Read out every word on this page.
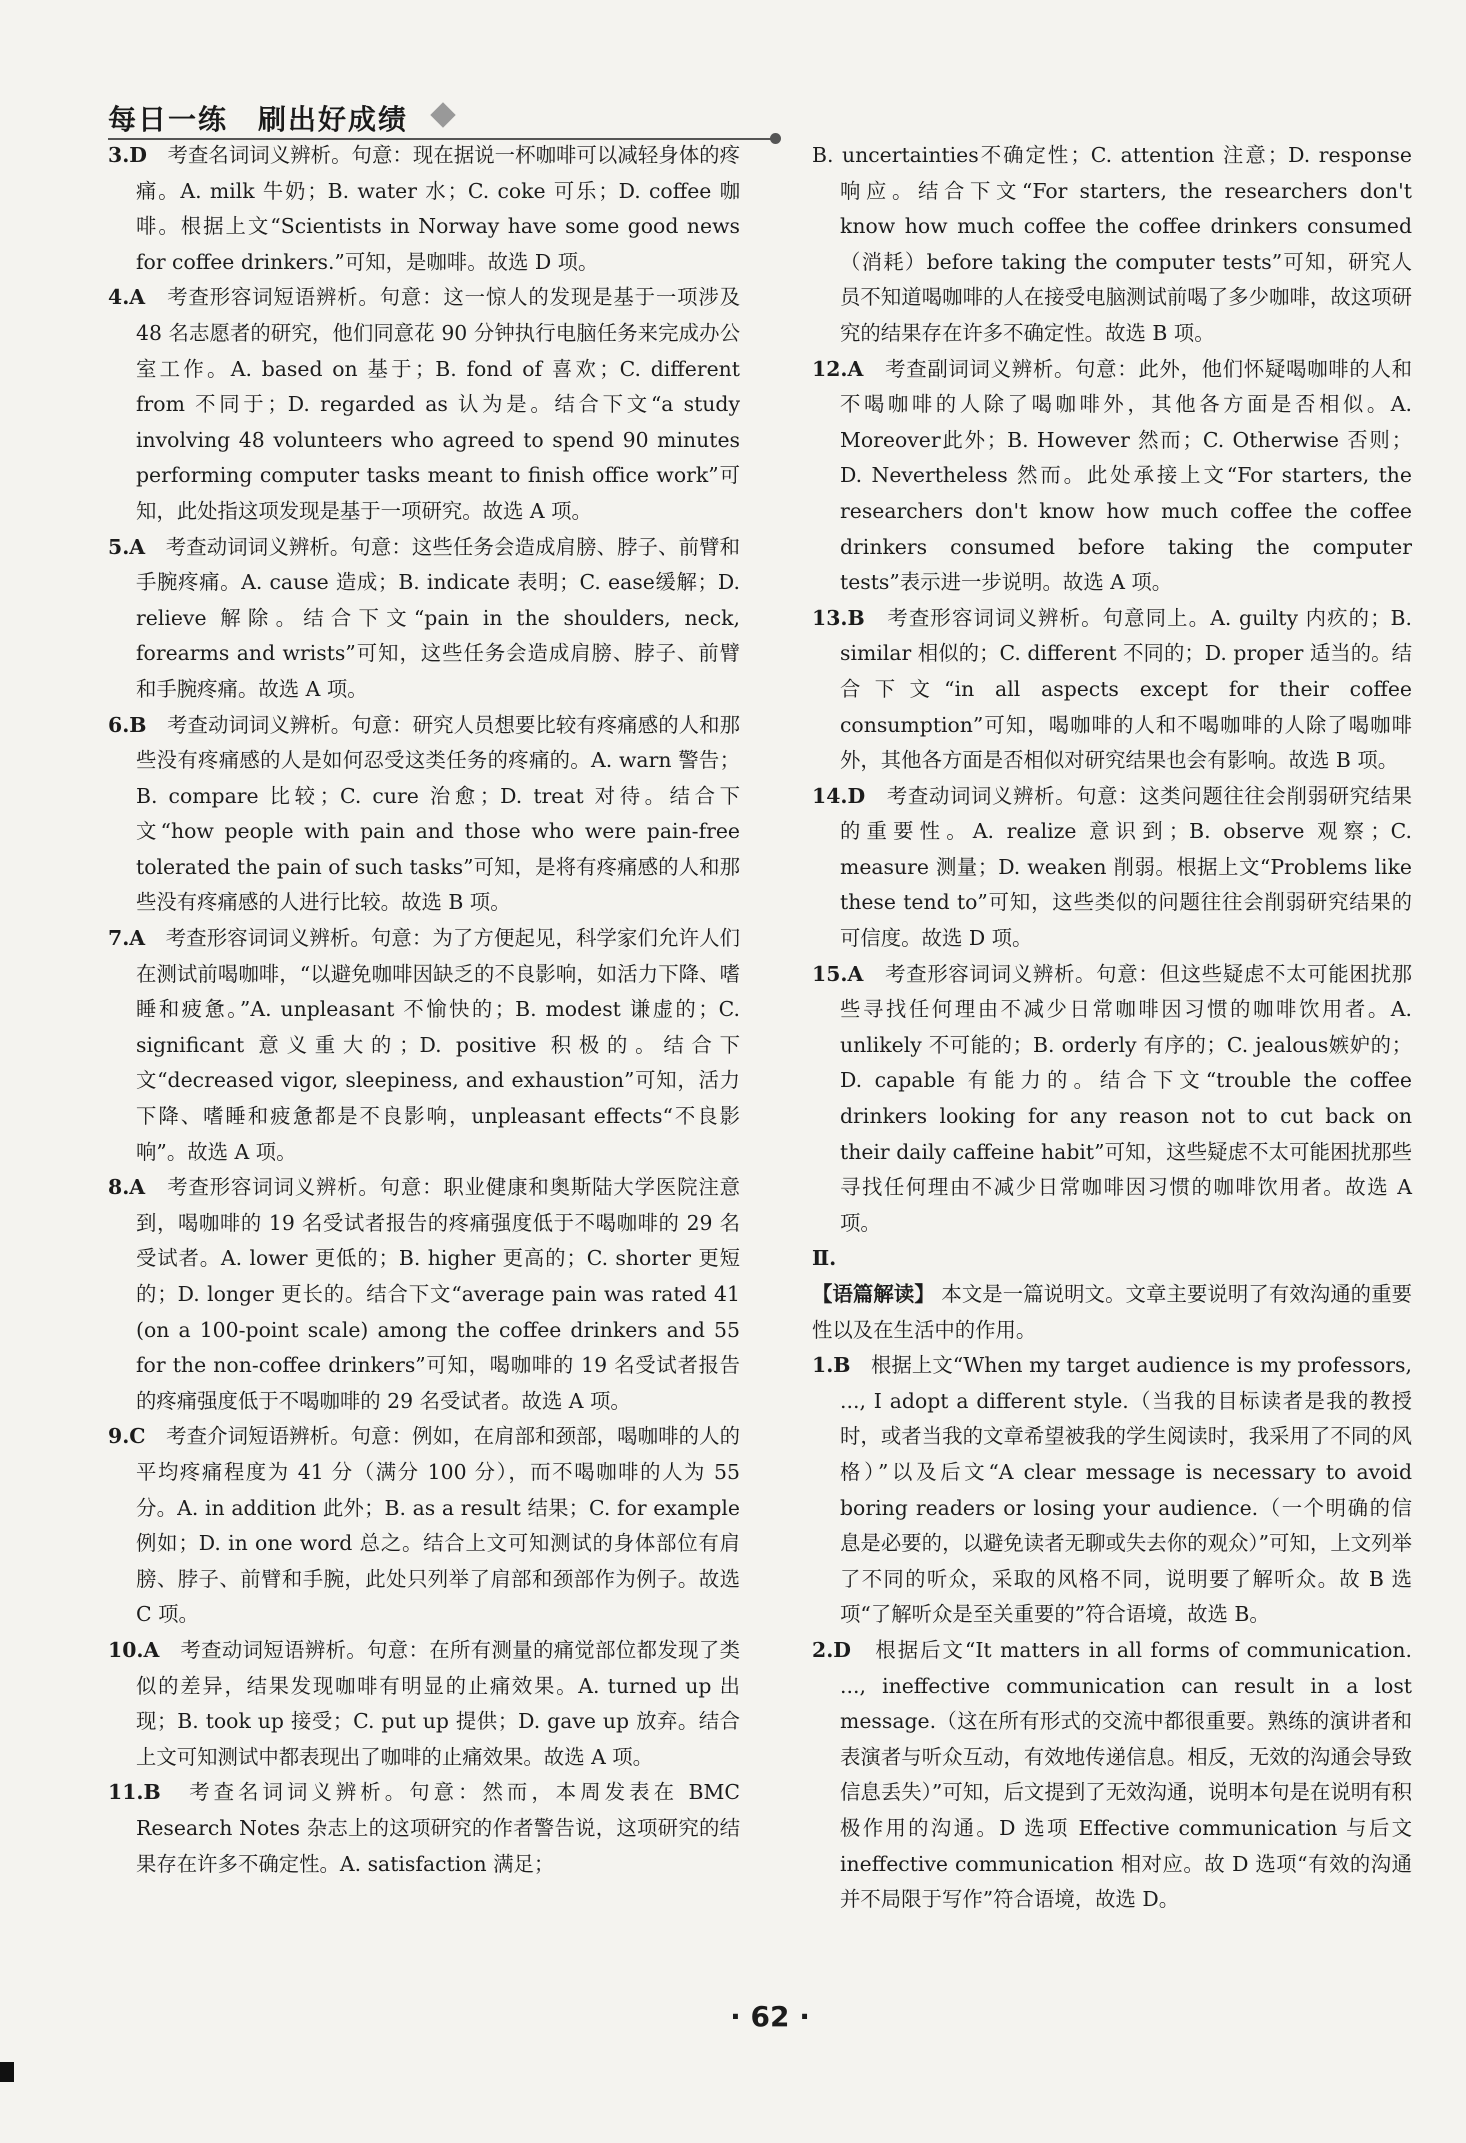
每日一练　刷出好成绩

3.D　 考查名词词义辨析。句意：现在据说一杯咖啡可以减轻身体的疼痛。A. milk 牛奶；B. water 水；C. coke 可乐；D. coffee 咖啡。根据上文“Scientists in Norway have some good news for coffee drinkers.”可知，是咖啡。故选 D 项。

4.A　 考查形容词短语辨析。句意：这一惊人的发现是基于一项涉及 48 名志愿者的研究，他们同意花 90 分钟执行电脑任务来完成办公室工作。A. based on 基于；B. fond of 喜欢；C. different from 不同于；D. regarded as 认为是。结合下文“a study involving 48 volunteers who agreed to spend 90 minutes performing computer tasks meant to finish office work”可知，此处指这项发现是基于一项研究。故选 A 项。

5.A　 考查动词词义辨析。句意：这些任务会造成肩膀、脖子、前臂和手腕疼痛。A. cause 造成；B. indicate 表明；C. ease缓解；D. relieve 解除。结合下文“pain in the shoulders, neck, forearms and wrists”可知，这些任务会造成肩膀、脖子、前臂和手腕疼痛。故选 A 项。

6.B　 考查动词词义辨析。句意：研究人员想要比较有疼痛感的人和那些没有疼痛感的人是如何忍受这类任务的疼痛的。A. warn 警告；B. compare 比较；C. cure 治愈；D. treat 对待。结合下文“how people with pain and those who were pain-free tolerated the pain of such tasks”可知，是将有疼痛感的人和那些没有疼痛感的人进行比较。故选 B 项。

7.A　 考查形容词词义辨析。句意：为了方便起见，科学家们允许人们在测试前喝咖啡，“以避免咖啡因缺乏的不良影响，如活力下降、嗜睡和疲惫。”A. unpleasant 不愉快的；B. modest 谦虚的；C. significant 意义重大的；D. positive 积极的。结合下文“decreased vigor, sleepiness, and exhaustion”可知，活力下降、嗜睡和疲惫都是不良影响，unpleasant effects“不良影响”。故选 A 项。

8.A　 考查形容词词义辨析。句意：职业健康和奥斯陆大学医院注意到，喝咖啡的 19 名受试者报告的疼痛强度低于不喝咖啡的 29 名受试者。A. lower 更低的；B. higher 更高的；C. shorter 更短的；D. longer 更长的。结合下文“average pain was rated 41 (on a 100-point scale) among the coffee drinkers and 55 for the non-coffee drinkers”可知，喝咖啡的 19 名受试者报告的疼痛强度低于不喝咖啡的 29 名受试者。故选 A 项。

9.C　 考查介词短语辨析。句意：例如，在肩部和颈部，喝咖啡的人的平均疼痛程度为 41 分（满分 100 分），而不喝咖啡的人为 55 分。A. in addition 此外；B. as a result 结果；C. for example 例如；D. in one word 总之。结合上文可知测试的身体部位有肩膀、脖子、前臂和手腕，此处只列举了肩部和颈部作为例子。故选 C 项。

10.A　 考查动词短语辨析。句意：在所有测量的痛觉部位都发现了类似的差异，结果发现咖啡有明显的止痛效果。A. turned up 出现；B. took up 接受；C. put up 提供；D. gave up 放弃。结合上文可知测试中都表现出了咖啡的止痛效果。故选 A 项。

11.B　 考查名词词义辨析。句意：然而，本周发表在 BMC Research Notes 杂志上的这项研究的作者警告说，这项研究的结果存在许多不确定性。A. satisfaction 满足；

B. uncertainties不确定性；C. attention 注意；D. response 响应。结合下文“For starters, the researchers don't know how much coffee the coffee drinkers consumed（消耗）before taking the computer tests”可知，研究人员不知道喝咖啡的人在接受电脑测试前喝了多少咖啡，故这项研究的结果存在许多不确定性。故选 B 项。

12.A　 考查副词词义辨析。句意：此外，他们怀疑喝咖啡的人和不喝咖啡的人除了喝咖啡外，其他各方面是否相似。A. Moreover此外；B. However 然而；C. Otherwise 否则；D. Nevertheless 然而。此处承接上文“For starters, the researchers don't know how much coffee the coffee drinkers consumed before taking the computer tests”表示进一步说明。故选 A 项。

13.B　 考查形容词词义辨析。句意同上。A. guilty 内疚的；B. similar 相似的；C. different 不同的；D. proper 适当的。结合下文“in all aspects except for their coffee consumption”可知，喝咖啡的人和不喝咖啡的人除了喝咖啡外，其他各方面是否相似对研究结果也会有影响。故选 B 项。

14.D　 考查动词词义辨析。句意：这类问题往往会削弱研究结果的重要性。A. realize 意识到；B. observe 观察；C. measure 测量；D. weaken 削弱。根据上文“Problems like these tend to”可知，这些类似的问题往往会削弱研究结果的可信度。故选 D 项。

15.A　 考查形容词词义辨析。句意：但这些疑虑不太可能困扰那些寻找任何理由不减少日常咖啡因习惯的咖啡饮用者。A. unlikely 不可能的；B. orderly 有序的；C. jealous嫉妒的；D. capable 有能力的。结合下文“trouble the coffee drinkers looking for any reason not to cut back on their daily caffeine habit”可知，这些疑虑不太可能困扰那些寻找任何理由不减少日常咖啡因习惯的咖啡饮用者。故选 A 项。

Ⅱ.

【语篇解读】 本文是一篇说明文。文章主要说明了有效沟通的重要性以及在生活中的作用。

1.B　 根据上文“When my target audience is my professors, ..., I adopt a different style.（当我的目标读者是我的教授时，或者当我的文章希望被我的学生阅读时，我采用了不同的风格）”以及后文“A clear message is necessary to avoid boring readers or losing your audience.（一个明确的信息是必要的，以避免读者无聊或失去你的观众）”可知，上文列举了不同的听众，采取的风格不同，说明要了解听众。故 B 选项“了解听众是至关重要的”符合语境，故选 B。

2.D　 根据后文“It matters in all forms of communication. ..., ineffective communication can result in a lost message.（这在所有形式的交流中都很重要。熟练的演讲者和表演者与听众互动，有效地传递信息。相反，无效的沟通会导致信息丢失）”可知，后文提到了无效沟通，说明本句是在说明有积极作用的沟通。D 选项 Effective communication 与后文 ineffective communication 相对应。故 D 选项“有效的沟通并不局限于写作”符合语境，故选 D。

· 62 ·
